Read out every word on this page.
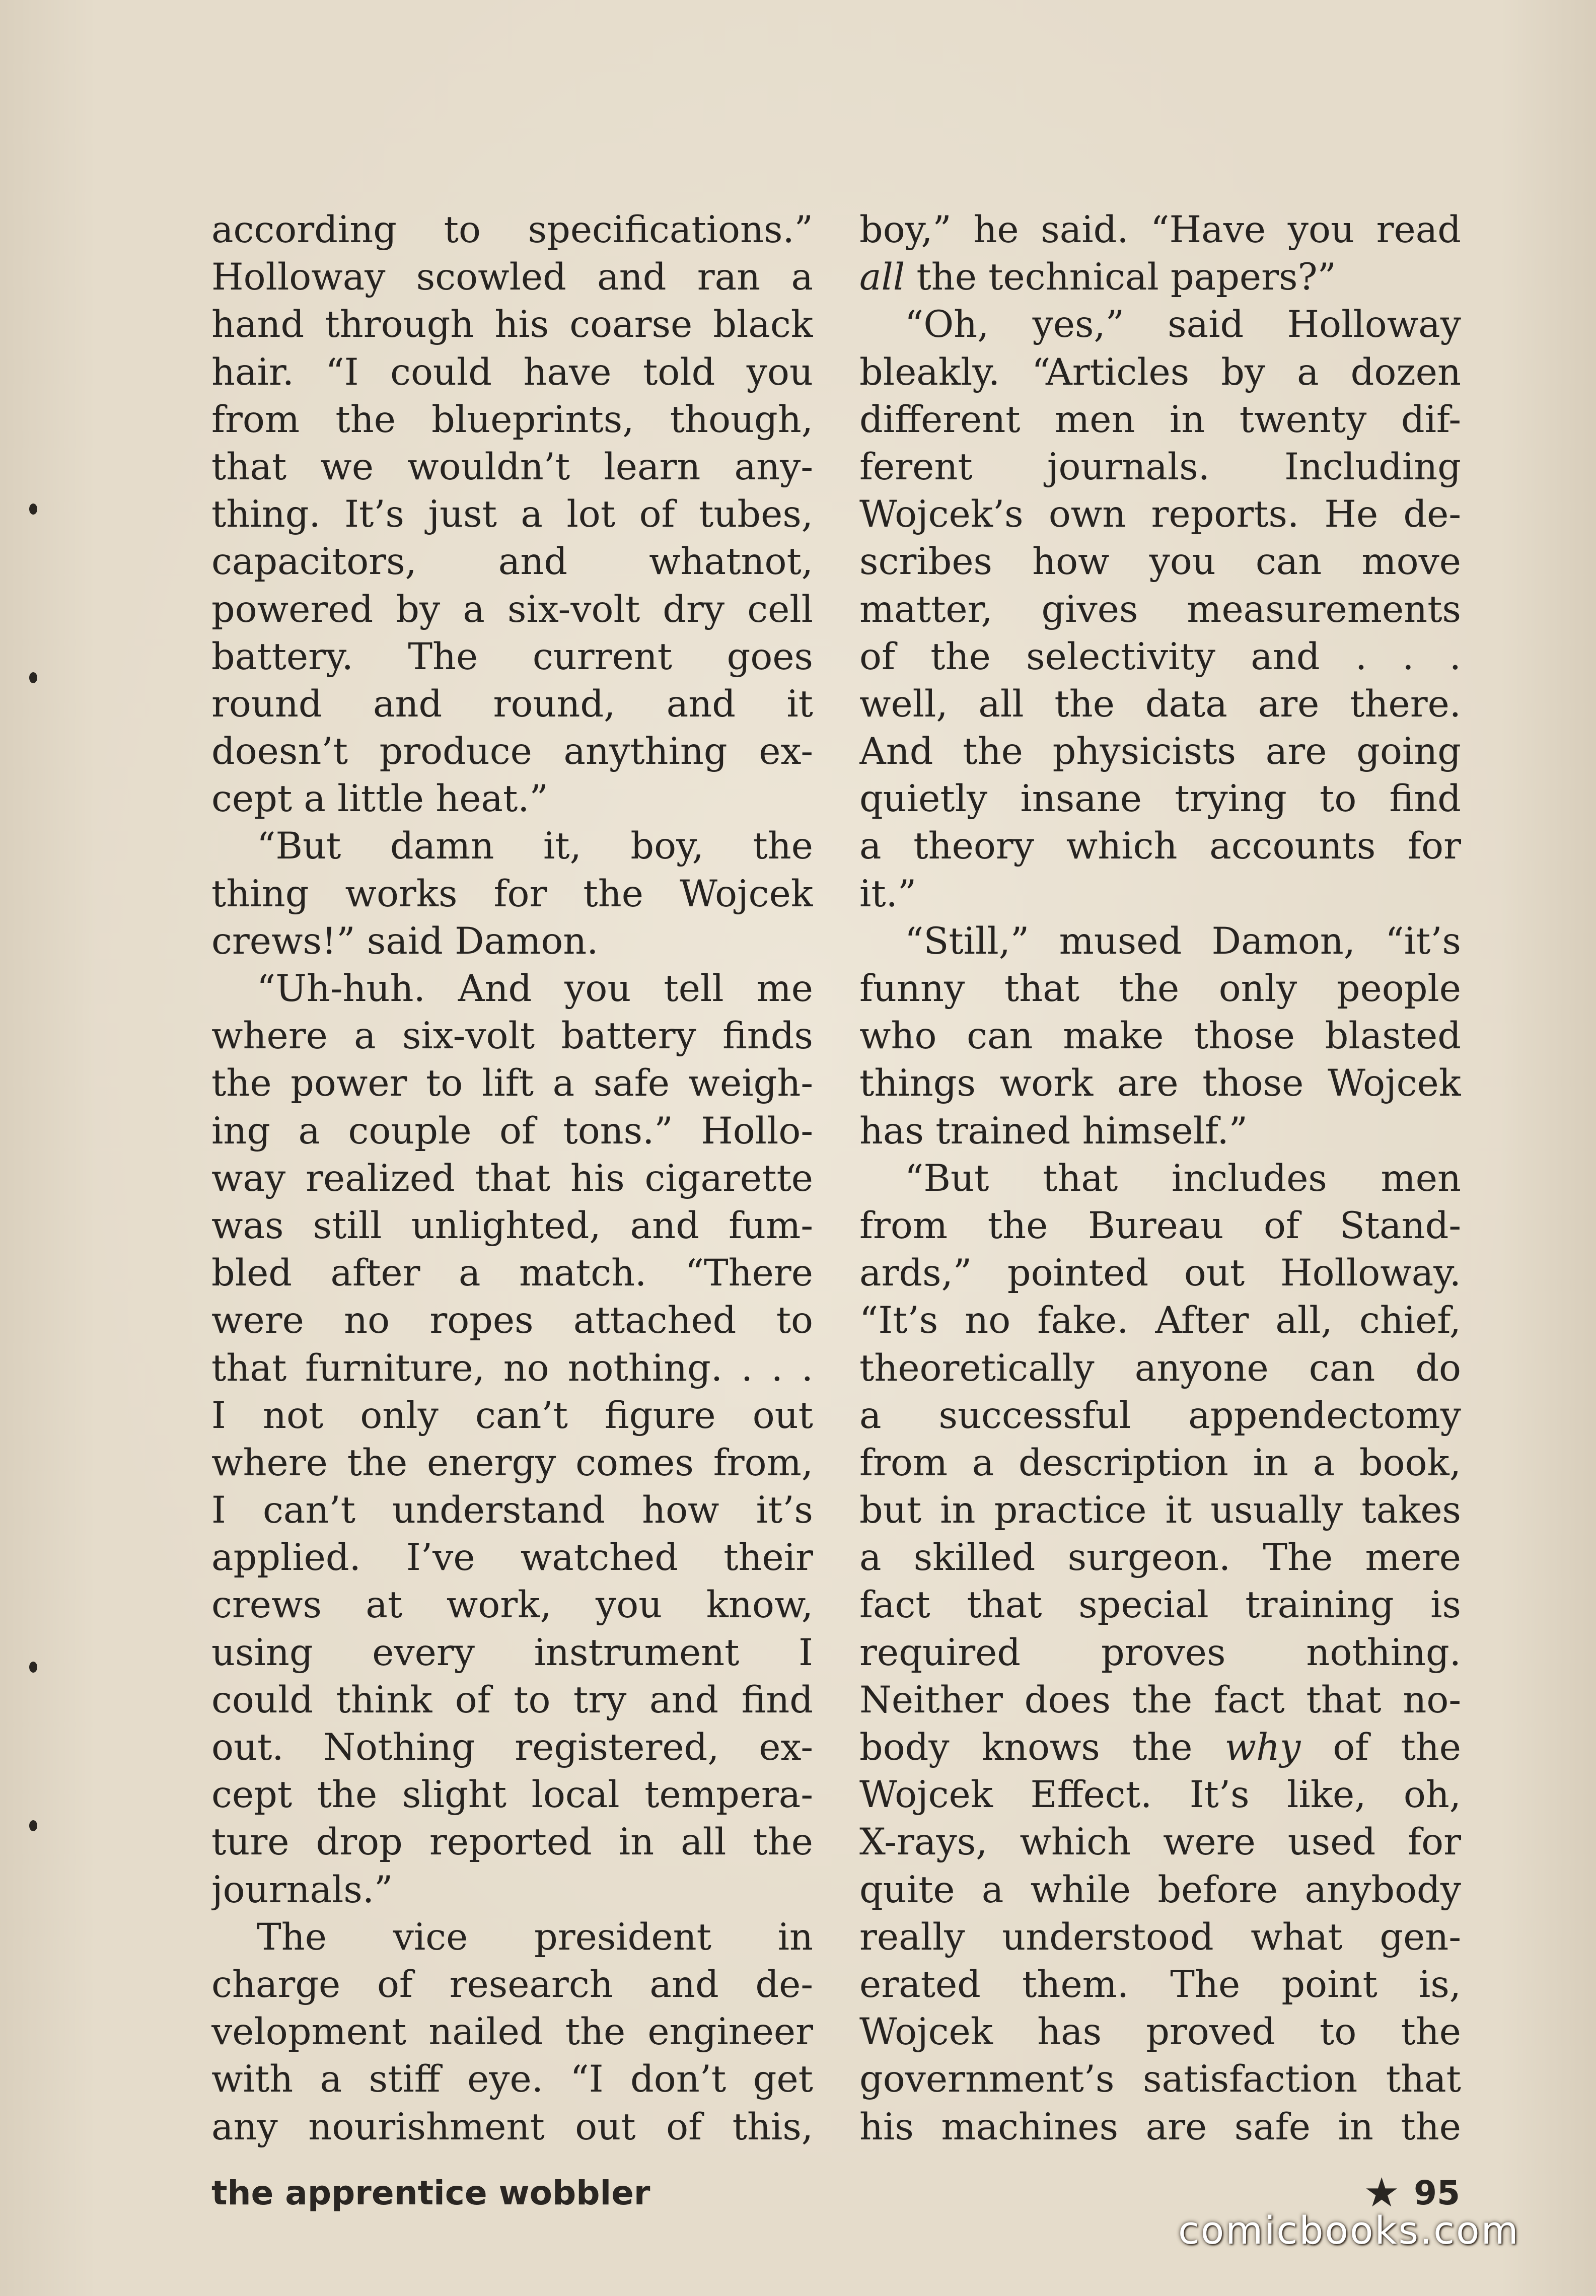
according to specifications.”
Holloway scowled and ran a
hand through his coarse black
hair. “I could have told you
from the blueprints, though,
that we wouldn’t learn any-
thing. It’s just a lot of tubes,
capacitors, and whatnot,
powered by a six-volt dry cell
battery. The current goes
round and round, and it
doesn’t produce anything ex-
cept a little heat.”
“But damn it, boy, the
thing works for the Wojcek
crews!” said Damon.
“Uh-huh. And you tell me
where a six-volt battery finds
the power to lift a safe weigh-
ing a couple of tons.” Hollo-
way realized that his cigarette
was still unlighted, and fum-
bled after a match. “There
were no ropes attached to
that furniture, no nothing. . . .
I not only can’t figure out
where the energy comes from,
I can’t understand how it’s
applied. I’ve watched their
crews at work, you know,
using every instrument I
could think of to try and find
out. Nothing registered, ex-
cept the slight local tempera-
ture drop reported in all the
journals.”
The vice president in
charge of research and de-
velopment nailed the engineer
with a stiff eye. “I don’t get
any nourishment out of this,
boy,” he said. “Have you read
all the technical papers?”
“Oh, yes,” said Holloway
bleakly. “Articles by a dozen
different men in twenty dif-
ferent journals. Including
Wojcek’s own reports. He de-
scribes how you can move
matter, gives measurements
of the selectivity and . . .
well, all the data are there.
And the physicists are going
quietly insane trying to find
a theory which accounts for
it.”
“Still,” mused Damon, “it’s
funny that the only people
who can make those blasted
things work are those Wojcek
has trained himself.”
“But that includes men
from the Bureau of Stand-
ards,” pointed out Holloway.
“It’s no fake. After all, chief,
theoretically anyone can do
a successful appendectomy
from a description in a book,
but in practice it usually takes
a skilled surgeon. The mere
fact that special training is
required proves nothing.
Neither does the fact that no-
body knows the why of the
Wojcek Effect. It’s like, oh,
X-rays, which were used for
quite a while before anybody
really understood what gen-
erated them. The point is,
Wojcek has proved to the
government’s satisfaction that
his machines are safe in the
the apprentice wobbler	★ 95
comicbooks.com
